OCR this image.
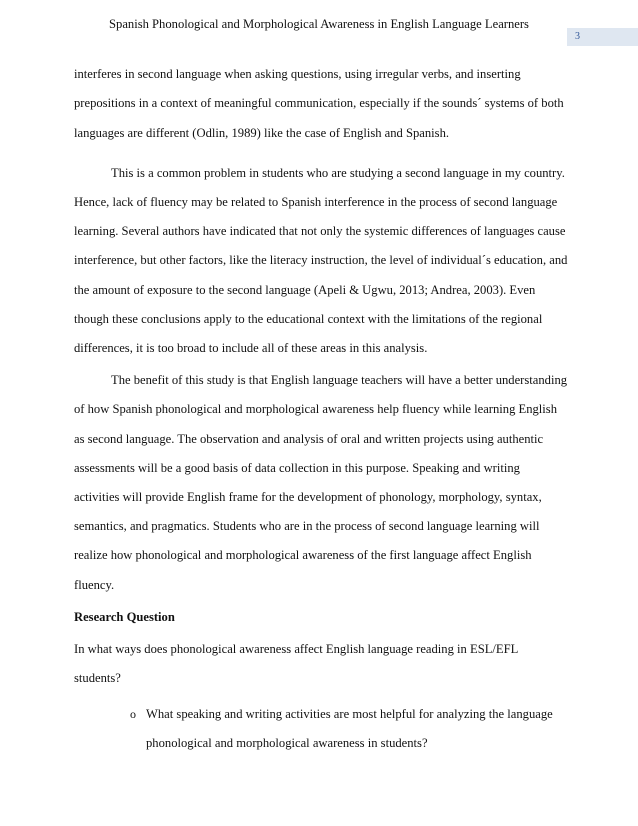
Spanish Phonological and Morphological Awareness in English Language Learners
3
interferes in second language when asking questions, using irregular verbs, and inserting
prepositions in a context of meaningful communication, especially if the sounds´ systems of both
languages are different (Odlin, 1989) like the case of English and Spanish.
This is a common problem in students who are studying a second language in my country.
Hence, lack of fluency may be related to Spanish interference in the process of second language
learning. Several authors have indicated that not only the systemic differences of languages cause
interference, but other factors, like the literacy instruction, the level of individual´s education, and
the amount of exposure to the second language (Apeli & Ugwu, 2013; Andrea, 2003). Even
though these conclusions apply to the educational context with the limitations of the regional
differences, it is too broad to include all of these areas in this analysis.
The benefit of this study is that English language teachers will have a better understanding
of how Spanish phonological and morphological awareness help fluency while learning English
as second language. The observation and analysis of oral and written projects using authentic
assessments will be a good basis of data collection in this purpose. Speaking and writing
activities will provide English frame for the development of phonology, morphology, syntax,
semantics, and pragmatics. Students who are in the process of second language learning will
realize how phonological and morphological awareness of the first language affect English
fluency.
Research Question
In what ways does phonological awareness affect English language reading in ESL/EFL
students?
o What speaking and writing activities are most helpful for analyzing the language
phonological and morphological awareness in students?
